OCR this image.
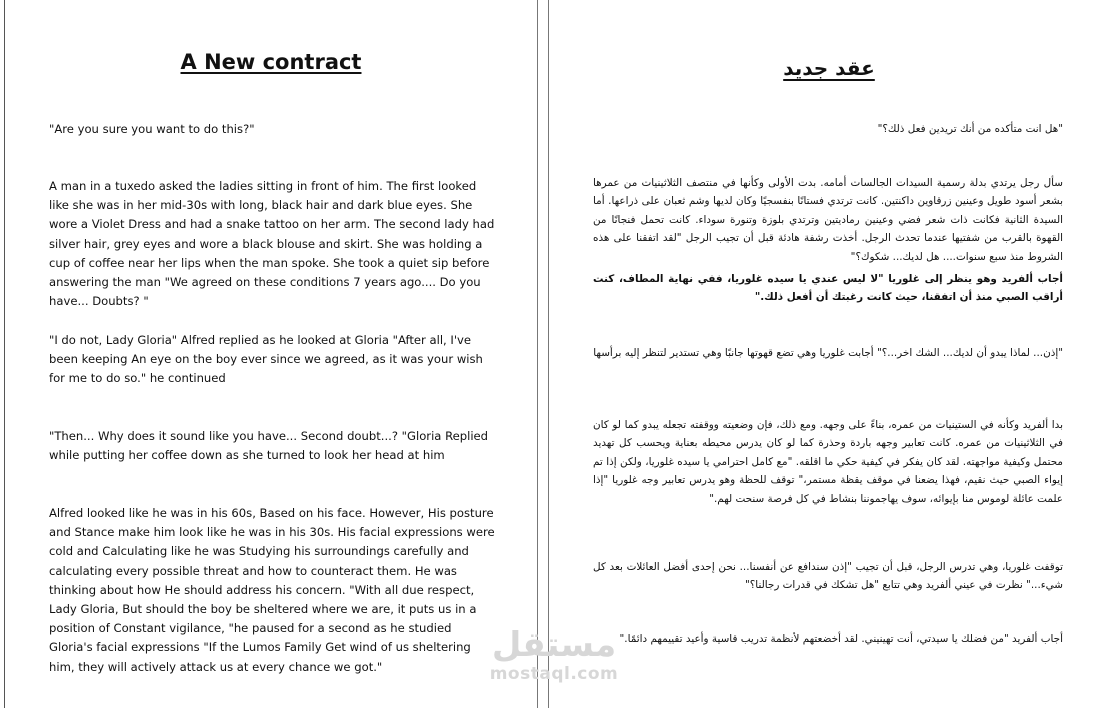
A New contract

"Are you sure you want to do this?"

A man in a tuxedo asked the ladies sitting in front of him. The first looked like she was in her mid-30s with long, black hair and dark blue eyes. She wore a Violet Dress and had a snake tattoo on her arm. The second lady had silver hair, grey eyes and wore a black blouse and skirt. She was holding a cup of coffee near her lips when the man spoke. She took a quiet sip before answering the man "We agreed on these conditions 7 years ago.... Do you have... Doubts? "

"I do not, Lady Gloria" Alfred replied as he looked at Gloria "After all, I've been keeping An eye on the boy ever since we agreed, as it was your wish for me to do so." he continued

"Then... Why does it sound like you have... Second doubt...? "Gloria Replied while putting her coffee down as she turned to look her head at him

Alfred looked like he was in his 60s, Based on his face. However, His posture and Stance make him look like he was in his 30s. His facial expressions were cold and Calculating like he was Studying his surroundings carefully and calculating every possible threat and how to counteract them. He was thinking about how He should address his concern. "With all due respect, Lady Gloria, But should the boy be sheltered where we are, it puts us in a position of Constant vigilance, "he paused for a second as he studied Gloria's facial expressions "If the Lumos Family Get wind of us sheltering him, they will actively attack us at every chance we got."

عقد جديد

"هل انت متأكده من أنك تريدين فعل ذلك؟"

سأل رجل يرتدي بدلة رسمية السيدات الجالسات أمامه. بدت الأولى وكأنها في منتصف الثلاثينيات من عمرها بشعر أسود طويل وعينين زرقاوين داكنتين. كانت ترتدي فستانًا بنفسجيًا وكان لديها وشم ثعبان على ذراعها. أما السيدة الثانية فكانت ذات شعر فضي وعينين رماديتين وترتدي بلوزة وتنورة سوداء. كانت تحمل فنجانًا من القهوة بالقرب من شفتيها عندما تحدث الرجل. أخذت رشفة هادئة قبل أن تجيب الرجل "لقد اتفقنا على هذه الشروط منذ سبع سنوات.... هل لديك... شكوك؟"

أجاب ألفريد وهو ينظر إلى غلوريا "لا ليس عندي يا سيده غلوريا، ففي نهاية المطاف، كنت أراقب الصبي منذ أن اتفقنا، حيث كانت رغبتك أن أفعل ذلك."

"إذن... لماذا يبدو أن لديك... الشك اخر...؟" أجابت غلوريا وهي تضع قهوتها جانبًا وهي تستدير لتنظر إليه برأسها

بدا ألفريد وكأنه في الستينيات من عمره، بناءً على وجهه. ومع ذلك، فإن وضعيته ووقفته تجعله يبدو كما لو كان في الثلاثينيات من عمره. كانت تعابير وجهه باردة وحذرة كما لو كان يدرس محيطه بعناية ويحسب كل تهديد محتمل وكيفية مواجهته. لقد كان يفكر في كيفية حكي ما اقلقه. "مع كامل احترامي يا سيده غلوريا، ولكن إذا تم إيواء الصبي حيث نقيم، فهذا يضعنا في موقف يقظة مستمر،" توقف للحظة وهو يدرس تعابير وجه غلوريا "إذا علمت عائلة لوموس منا بإيوائه، سوف يهاجموننا بنشاط في كل فرصة سنحت لهم."

توقفت غلوريا، وهي تدرس الرجل، قبل أن تجيب "إذن سندافع عن أنفسنا... نحن إحدى أفضل العائلات بعد كل شيء..." نظرت في عيني ألفريد وهي تتابع "هل تشكك في قدرات رجالنا؟"

أجاب ألفريد "من فضلك يا سيدتي، أنت تهينيني. لقد أخضعتهم لأنظمة تدريب قاسية وأعيد تقييمهم دائمًا."

مستقل
mostaql.com
